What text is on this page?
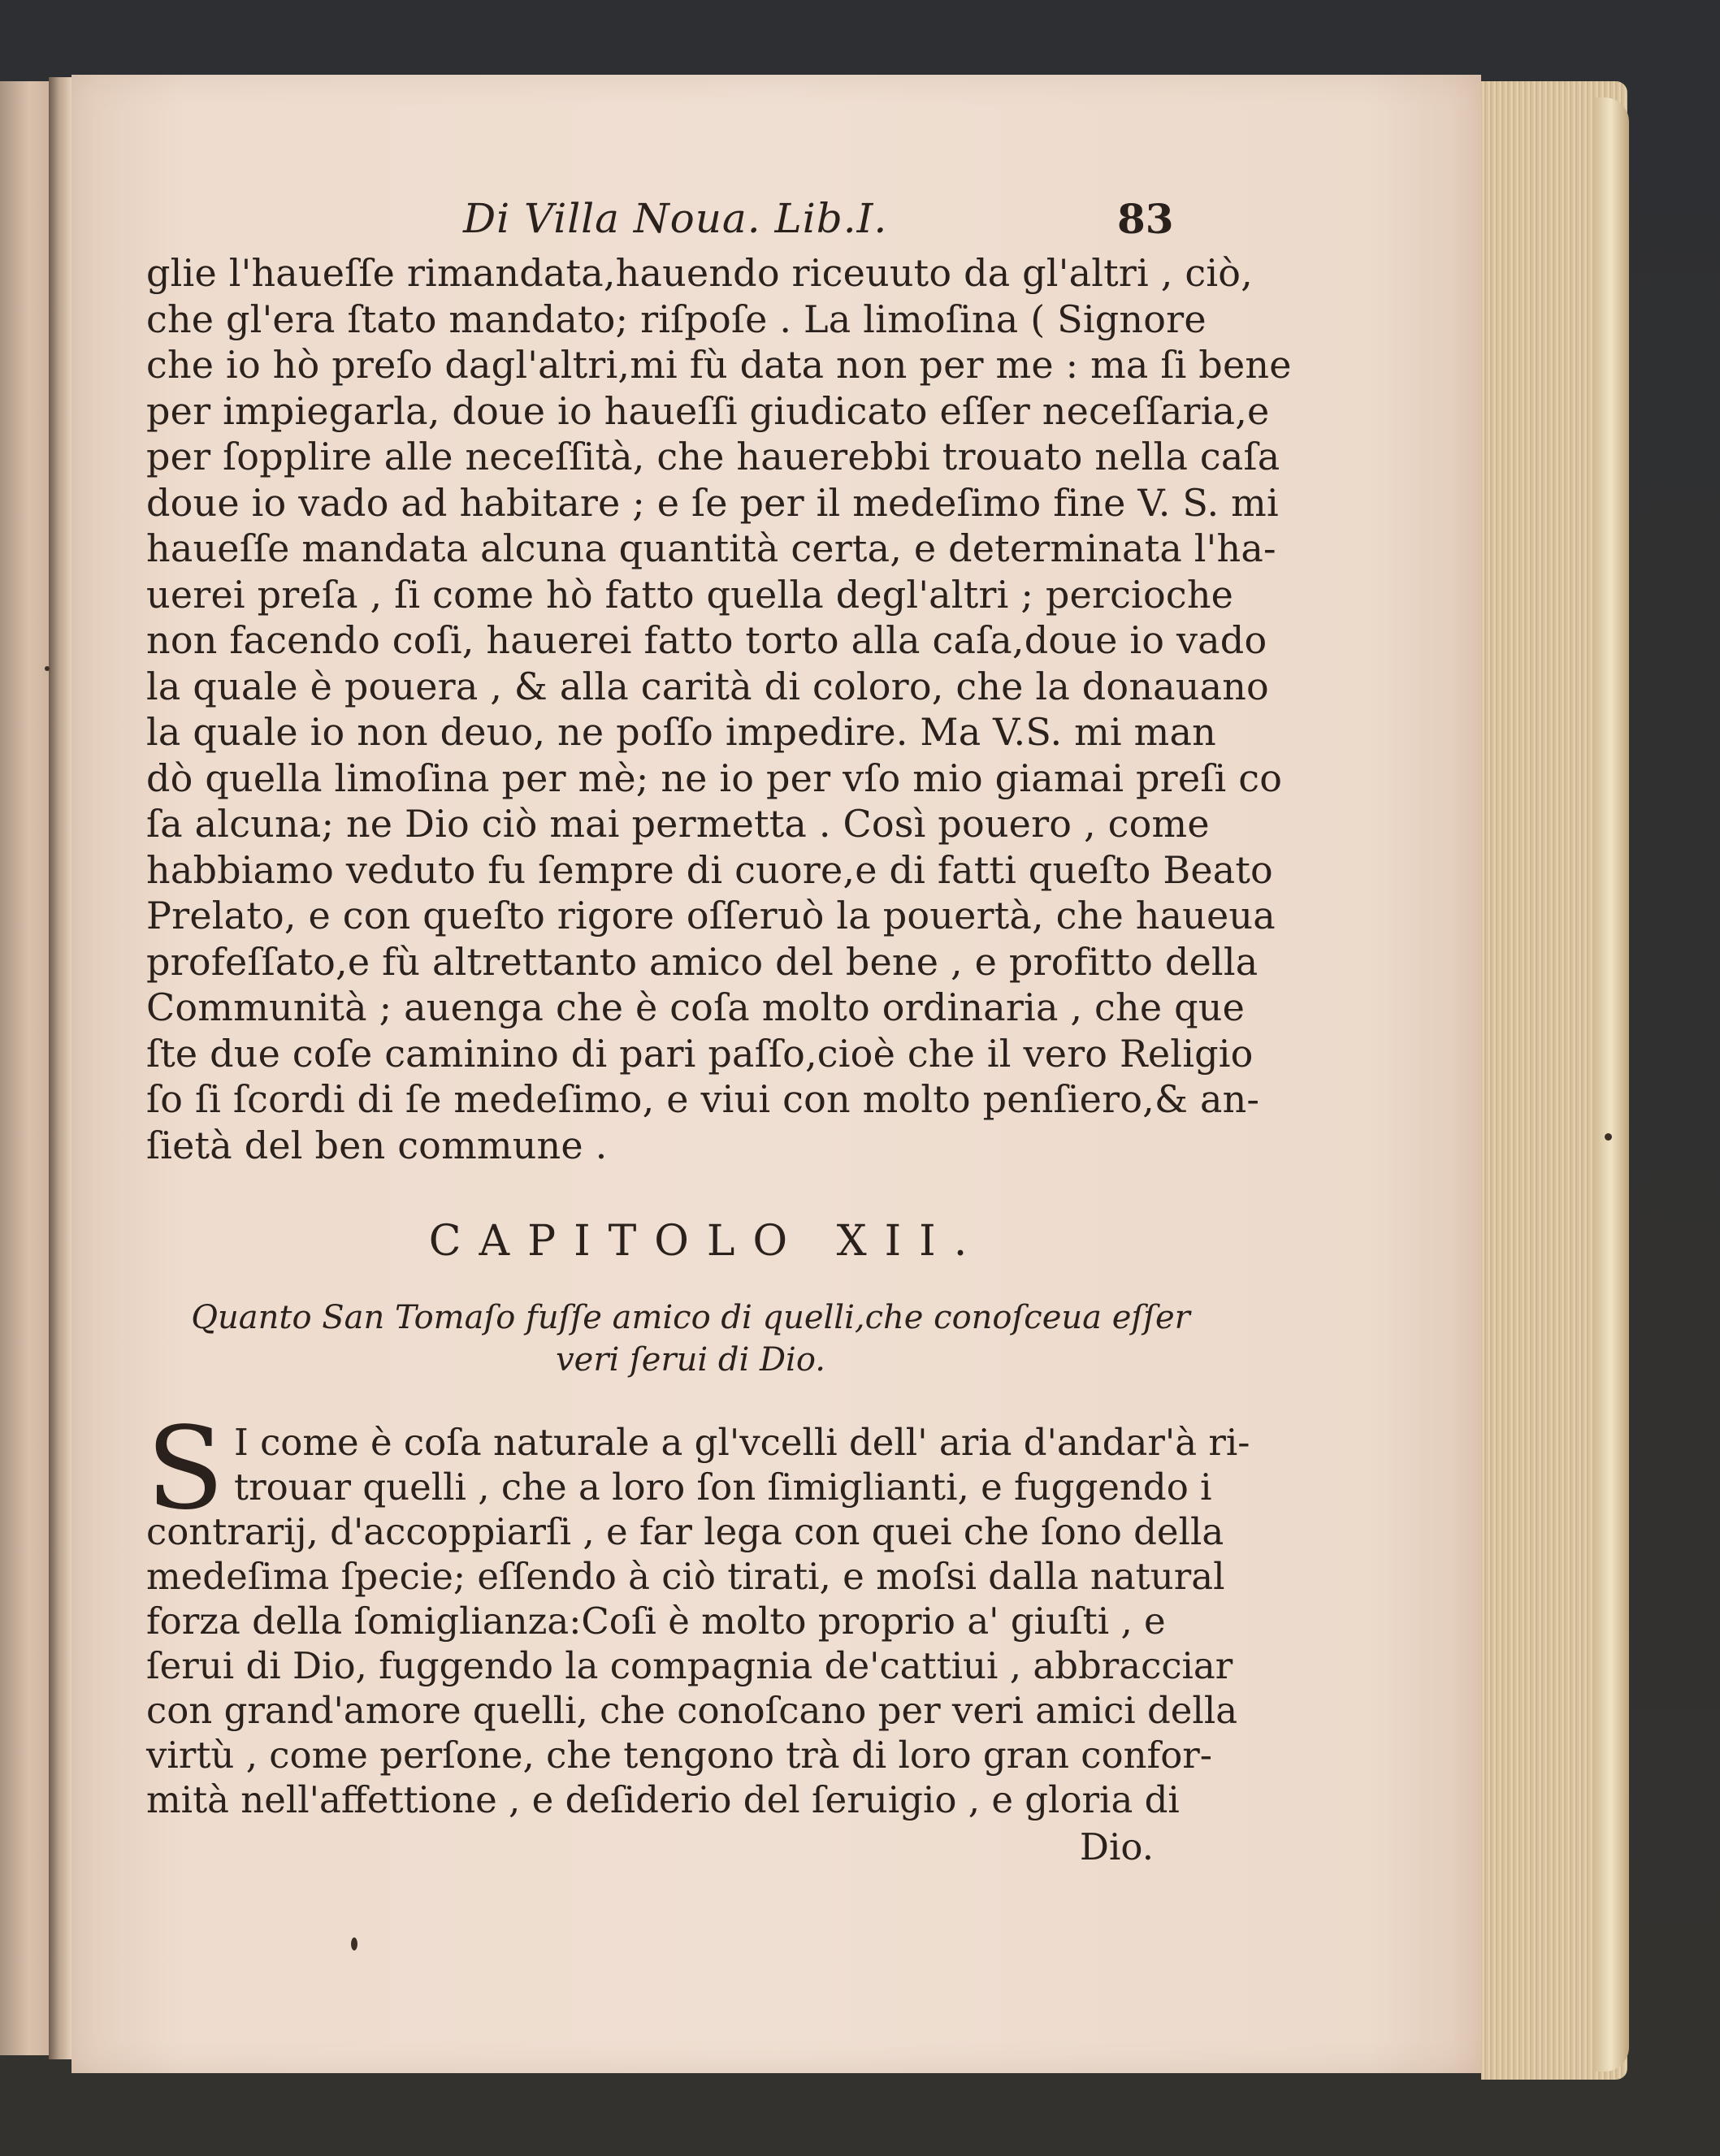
Di Villa Noua. Lib.I.	83
glie l'haueſſe rimandata,hauendo riceuuto da gl'altri , ciò,
che gl'era ſtato mandato; riſpoſe . La limoſina ( Signore
che io hò preſo dagl'altri,mi fù data non per me : ma ſi bene
per impiegarla, doue io haueſſi giudicato eſſer neceſſaria,e
per ſopplire alle neceſſità, che hauerebbi trouato nella caſa
doue io vado ad habitare ; e ſe per il medeſimo fine V. S. mi
haueſſe mandata alcuna quantità certa, e determinata l'ha-
uerei preſa , ſi come hò fatto quella degl'altri ; percioche
non facendo coſi, hauerei fatto torto alla caſa,doue io vado
la quale è pouera , & alla carità di coloro, che la donauano
la quale io non deuo, ne poſſo impedire. Ma V.S. mi man
dò quella limoſina per mè; ne io per vſo mio giamai preſi co
ſa alcuna; ne Dio ciò mai permetta . Così pouero , come
habbiamo veduto fu ſempre di cuore,e di fatti queſto Beato
Prelato, e con queſto rigore oſſeruò la pouertà, che haueua
profeſſato,e fù altrettanto amico del bene , e profitto della
Communità ; auenga che è coſa molto ordinaria , che que
ſte due coſe caminino di pari paſſo,cioè che il vero Religio
ſo ſi ſcordi di ſe medeſimo, e viui con molto penſiero,& an-
ſietà del ben commune .
CAPITOLO XII.
Quanto San Tomaſo fuſſe amico di quelli,che conoſceua eſſer
veri ſerui di Dio.
S I come è coſa naturale a gl'vcelli dell' aria d'andar'à ri-
trouar quelli , che a loro ſon ſimiglianti, e fuggendo i
contrarij, d'accoppiarſi , e far lega con quei che ſono della
medeſima ſpecie; eſſendo à ciò tirati, e moſsi dalla natural
forza della ſomiglianza:Coſi è molto proprio a' giuſti , e
ſerui di Dio, fuggendo la compagnia de'cattiui , abbracciar
con grand'amore quelli, che conoſcano per veri amici della
virtù , come perſone, che tengono trà di loro gran confor-
mità nell'affettione , e deſiderio del ſeruigio , e gloria di
Dio.
